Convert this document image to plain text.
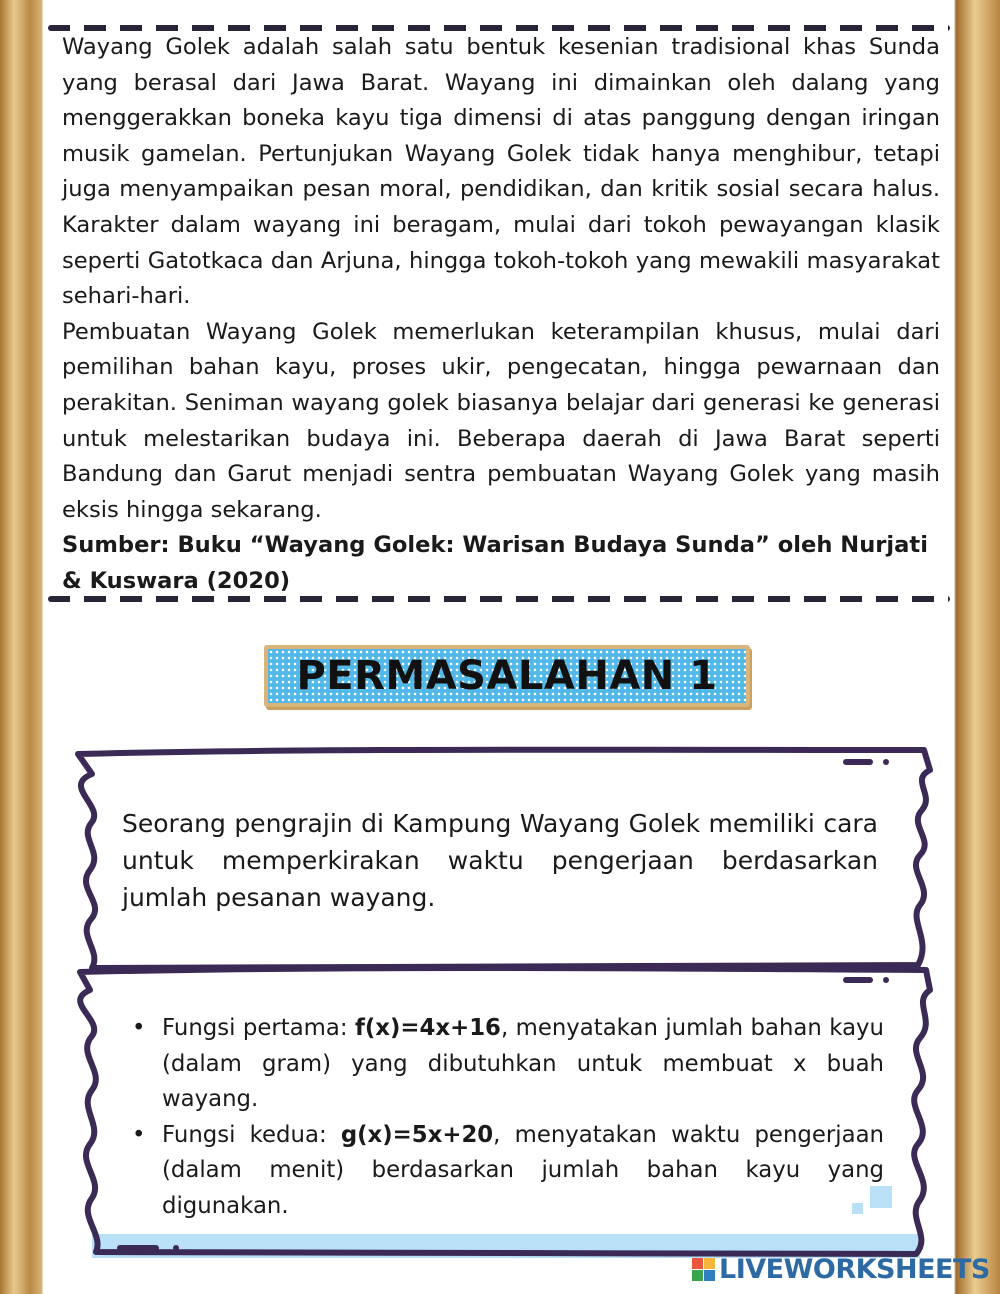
Wayang Golek adalah salah satu bentuk kesenian tradisional khas Sunda yang berasal dari Jawa Barat. Wayang ini dimainkan oleh dalang yang menggerakkan boneka kayu tiga dimensi di atas panggung dengan iringan musik gamelan. Pertunjukan Wayang Golek tidak hanya menghibur, tetapi juga menyampaikan pesan moral, pendidikan, dan kritik sosial secara halus. Karakter dalam wayang ini beragam, mulai dari tokoh pewayangan klasik seperti Gatotkaca dan Arjuna, hingga tokoh-tokoh yang mewakili masyarakat sehari-hari.

Pembuatan Wayang Golek memerlukan keterampilan khusus, mulai dari pemilihan bahan kayu, proses ukir, pengecatan, hingga pewarnaan dan perakitan. Seniman wayang golek biasanya belajar dari generasi ke generasi untuk melestarikan budaya ini. Beberapa daerah di Jawa Barat seperti Bandung dan Garut menjadi sentra pembuatan Wayang Golek yang masih eksis hingga sekarang.

Sumber: Buku “Wayang Golek: Warisan Budaya Sunda” oleh Nurjati & Kuswara (2020)

PERMASALAHAN 1

Seorang pengrajin di Kampung Wayang Golek memiliki cara untuk memperkirakan waktu pengerjaan berdasarkan jumlah pesanan wayang.

• Fungsi pertama: f(x)=4x+16, menyatakan jumlah bahan kayu (dalam gram) yang dibutuhkan untuk membuat x buah wayang.
• Fungsi kedua: g(x)=5x+20, menyatakan waktu pengerjaan (dalam menit) berdasarkan jumlah bahan kayu yang digunakan.
LIVEWORKSHEETS
